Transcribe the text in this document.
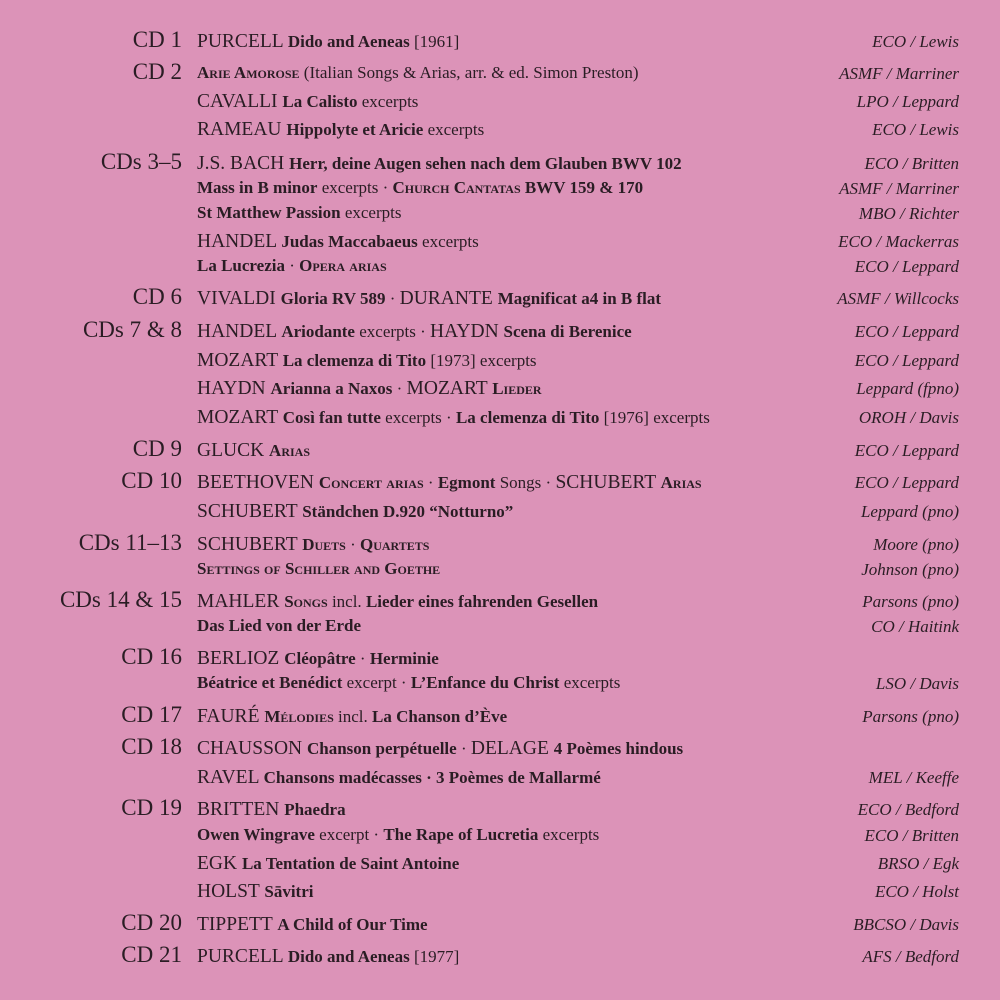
CD 1 PURCELL Dido and Aeneas [1961]	ECO / Lewis
CD 2 Arie Amorose (Italian Songs & Arias, arr. & ed. Simon Preston)	ASMF / Marriner
CAVALLI La Calisto excerpts	LPO / Leppard
RAMEAU Hippolyte et Aricie excerpts	ECO / Lewis
CDs 3–5 J.S. BACH Herr, deine Augen sehen nach dem Glauben BWV 102	ECO / Britten
Mass in B minor excerpts · Church Cantatas BWV 159 & 170	ASMF / Marriner
St Matthew Passion excerpts	MBO / Richter
HANDEL Judas Maccabaeus excerpts	ECO / Mackerras
La Lucrezia · Opera arias	ECO / Leppard
CD 6 VIVALDI Gloria RV 589 · DURANTE Magnificat a4 in B flat	ASMF / Willcocks
CDs 7 & 8 HANDEL Ariodante excerpts · HAYDN Scena di Berenice	ECO / Leppard
MOZART La clemenza di Tito [1973] excerpts	ECO / Leppard
HAYDN Arianna a Naxos · MOZART Lieder	Leppard (fpno)
MOZART Così fan tutte excerpts · La clemenza di Tito [1976] excerpts	OROH / Davis
CD 9 GLUCK Arias	ECO / Leppard
CD 10 BEETHOVEN Concert arias · Egmont Songs · SCHUBERT Arias	ECO / Leppard
SCHUBERT Ständchen D.920 “Notturno”	Leppard (pno)
CDs 11–13 SCHUBERT Duets · Quartets	Moore (pno)
Settings of Schiller and Goethe	Johnson (pno)
CDs 14 & 15 MAHLER Songs incl. Lieder eines fahrenden Gesellen	Parsons (pno)
Das Lied von der Erde	CO / Haitink
CD 16 BERLIOZ Cléopâtre · Herminie
Béatrice et Benédict excerpt · L’Enfance du Christ excerpts	LSO / Davis
CD 17 FAURÉ Mélodies incl. La Chanson d’Ève	Parsons (pno)
CD 18 CHAUSSON Chanson perpétuelle · DELAGE 4 Poèmes hindous
RAVEL Chansons madécasses · 3 Poèmes de Mallarmé	MEL / Keeffe
CD 19 BRITTEN Phaedra	ECO / Bedford
Owen Wingrave excerpt · The Rape of Lucretia excerpts	ECO / Britten
EGK La Tentation de Saint Antoine	BRSO / Egk
HOLST Sāvitri	ECO / Holst
CD 20 TIPPETT A Child of Our Time	BBCSO / Davis
CD 21 PURCELL Dido and Aeneas [1977]	AFS / Bedford
